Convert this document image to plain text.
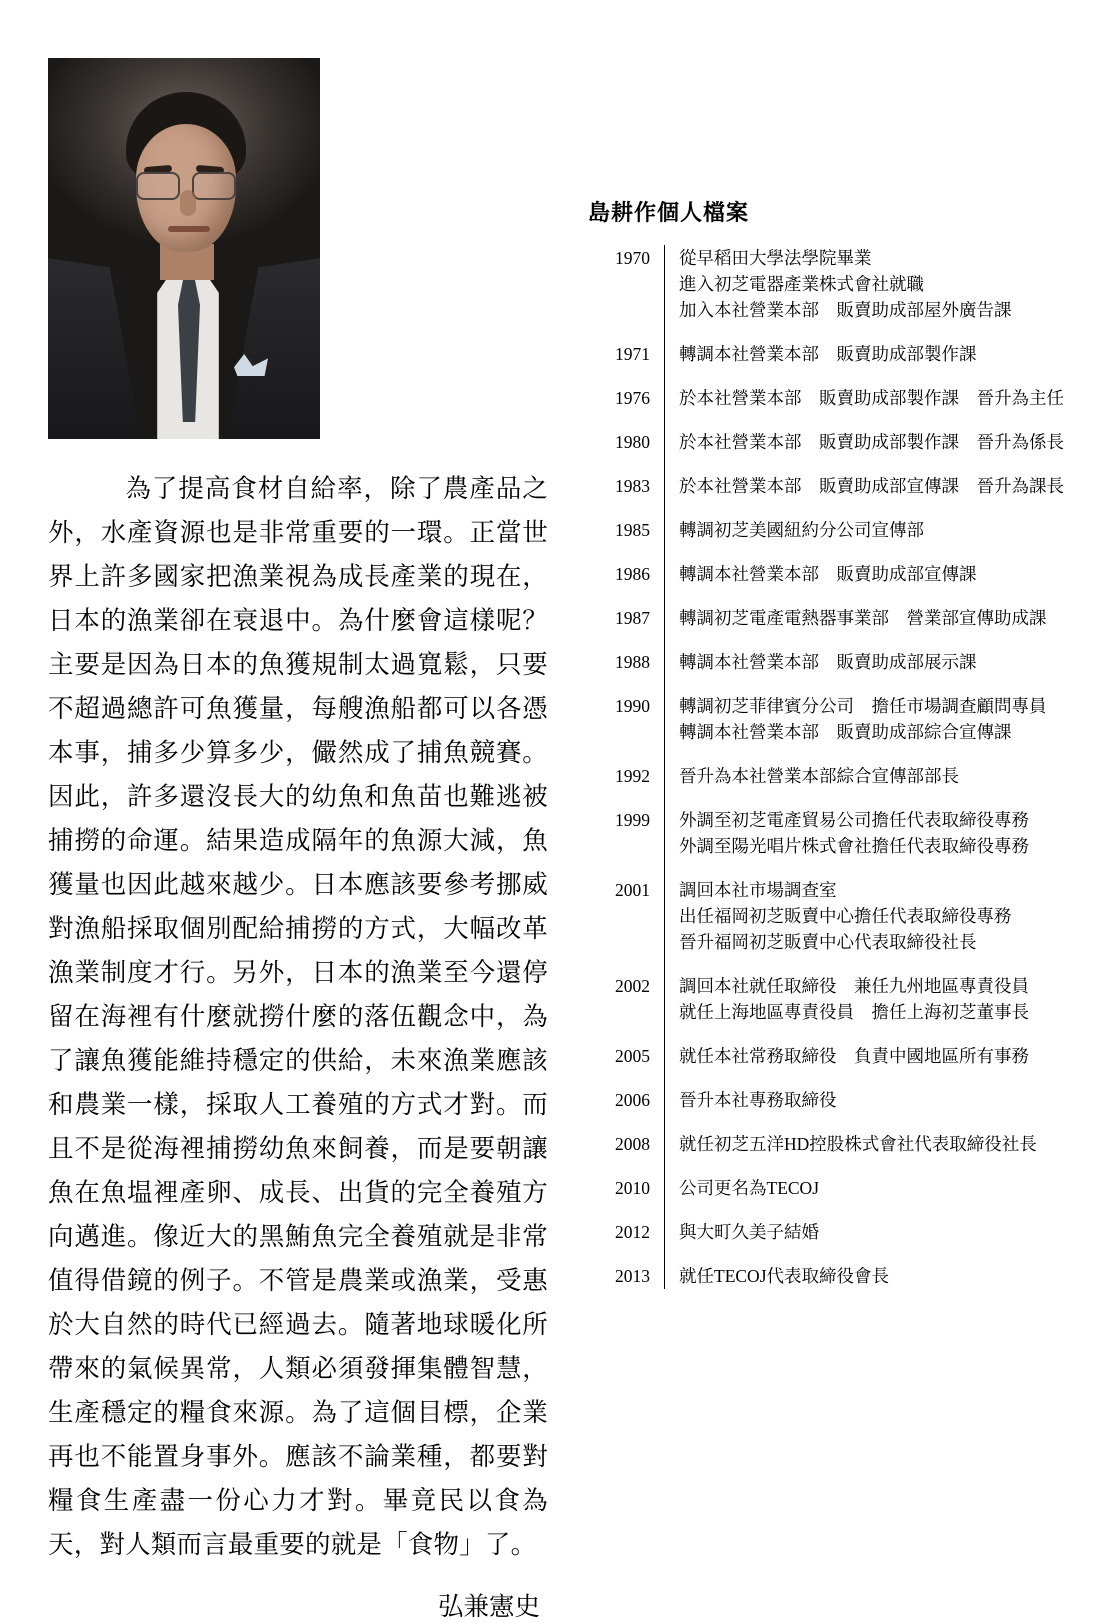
　為了提高食材自給率，除了農產品之外，水產資源也是非常重要的一環。正當世界上許多國家把漁業視為成長產業的現在，日本的漁業卻在衰退中。為什麼會這樣呢？主要是因為日本的魚獲規制太過寬鬆，只要不超過總許可魚獲量，每艘漁船都可以各憑本事，捕多少算多少，儼然成了捕魚競賽。因此，許多還沒長大的幼魚和魚苗也難逃被捕撈的命運。結果造成隔年的魚源大減，魚獲量也因此越來越少。日本應該要參考挪威對漁船採取個別配給捕撈的方式，大幅改革漁業制度才行。另外，日本的漁業至今還停留在海裡有什麼就撈什麼的落伍觀念中，為了讓魚獲能維持穩定的供給，未來漁業應該和農業一樣，採取人工養殖的方式才對。而且不是從海裡捕撈幼魚來飼養，而是要朝讓魚在魚塭裡產卵、成長、出貨的完全養殖方向邁進。像近大的黑鮪魚完全養殖就是非常值得借鏡的例子。不管是農業或漁業，受惠於大自然的時代已經過去。隨著地球暖化所帶來的氣候異常，人類必須發揮集體智慧，生產穩定的糧食來源。為了這個目標，企業再也不能置身事外。應該不論業種，都要對糧食生產盡一份心力才對。畢竟民以食為天，對人類而言最重要的就是「食物」了。

弘兼憲史
島耕作個人檔案
1970	從早稻田大學法學院畢業
進入初芝電器產業株式會社就職
加入本社營業本部　販賣助成部屋外廣告課

1971	轉調本社營業本部　販賣助成部製作課

1976	於本社營業本部　販賣助成部製作課　晉升為主任

1980	於本社營業本部　販賣助成部製作課　晉升為係長

1983	於本社營業本部　販賣助成部宣傳課　晉升為課長

1985	轉調初芝美國紐約分公司宣傳部

1986	轉調本社營業本部　販賣助成部宣傳課

1987	轉調初芝電產電熱器事業部　營業部宣傳助成課

1988	轉調本社營業本部　販賣助成部展示課

1990	轉調初芝菲律賓分公司　擔任市場調查顧問專員
轉調本社營業本部　販賣助成部綜合宣傳課

1992	晉升為本社營業本部綜合宣傳部部長

1999	外調至初芝電產貿易公司擔任代表取締役專務
外調至陽光唱片株式會社擔任代表取締役專務

2001	調回本社市場調查室
出任福岡初芝販賣中心擔任代表取締役專務
晉升福岡初芝販賣中心代表取締役社長

2002	調回本社就任取締役　兼任九州地區專責役員
就任上海地區專責役員　擔任上海初芝董事長

2005	就任本社常務取締役　負責中國地區所有事務

2006	晉升本社專務取締役

2008	就任初芝五洋HD控股株式會社代表取締役社長

2010	公司更名為TECOJ

2012	與大町久美子結婚

2013	就任TECOJ代表取締役會長
